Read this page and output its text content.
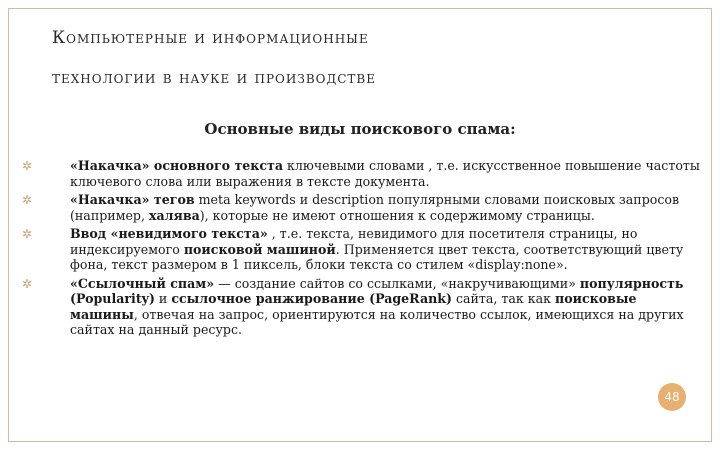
Компьютерные и информационные
технологии в науке и производстве
Основные виды поискового спама:
✲	«Накачка» основного текста ключевыми словами , т.е. искусственное повышение частоты ключевого слова или выражения в тексте документа.
✲	«Накачка» тегов meta keywords и description популярными словами поисковых запросов (например, халява), которые не имеют отношения к содержимому страницы.
✲	Ввод «невидимого текста» , т.е. текста, невидимого для посетителя страницы, но индексируемого поисковой машиной. Применяется цвет текста, соответствующий цвету фона, текст размером в 1 пиксель, блоки текста со стилем «display:none».
✲	«Ссылочный спам» — создание сайтов со ссылками, «накручивающими» популярность (Popularity) и ссылочное ранжирование (PageRank) сайта, так как поисковые машины, отвечая на запрос, ориентируются на количество ссылок, имеющихся на других сайтах на данный ресурс.
48
